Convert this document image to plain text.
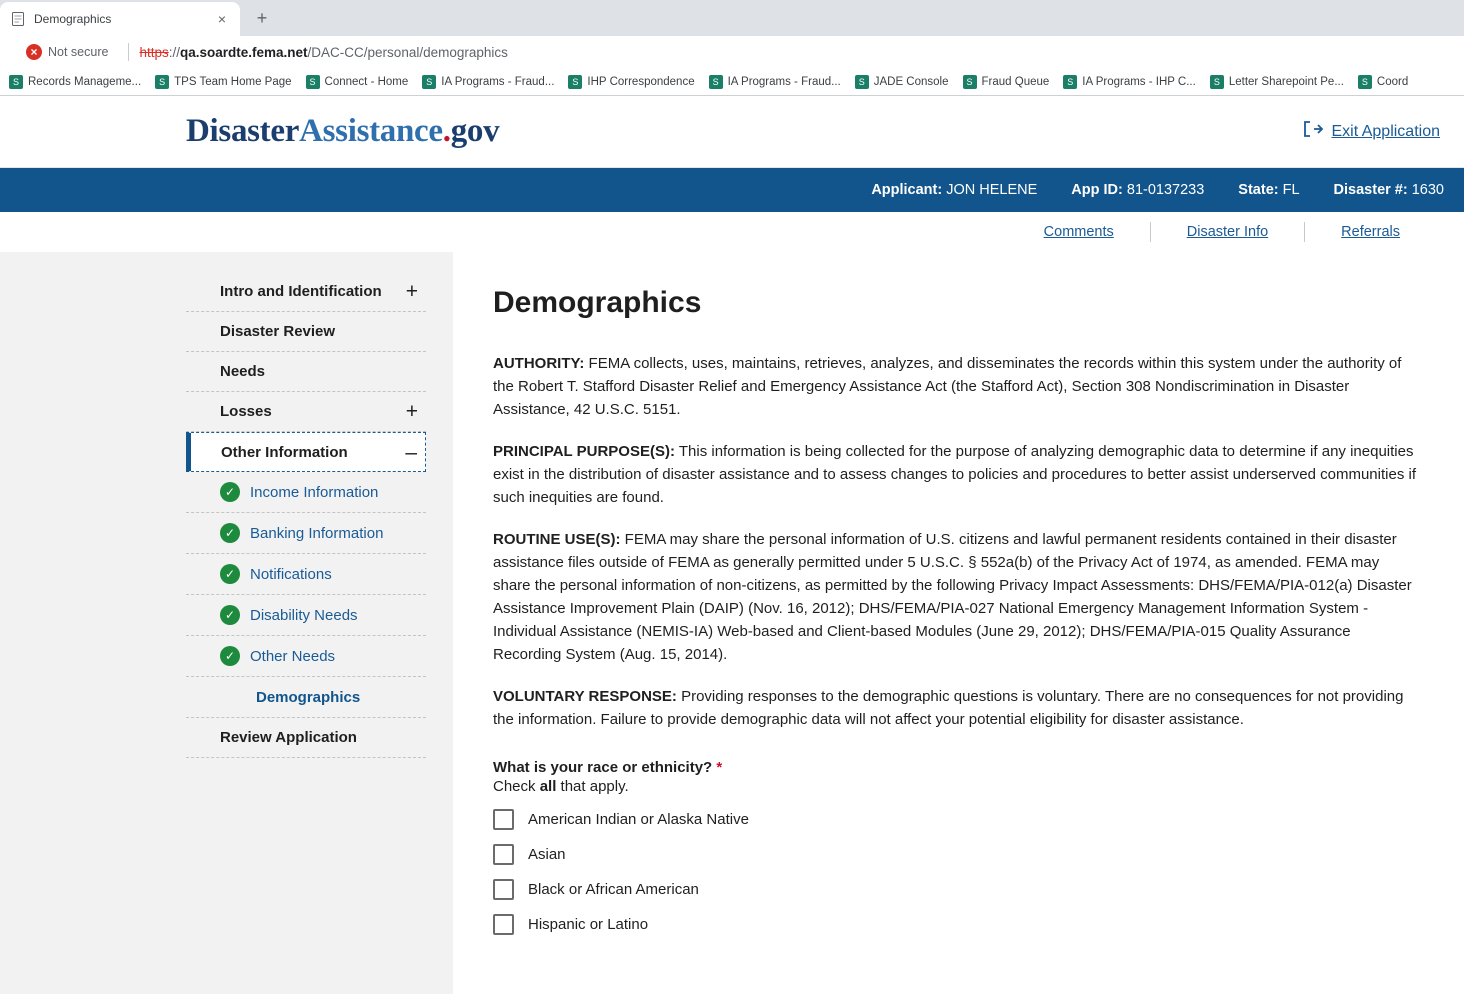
Demographics	×	+
× Not secure https://qa.soardte.fema.net/DAC-CC/personal/demographics
S Records Manageme...	S TPS Team Home Page	S Connect - Home	S IA Programs - Fraud...	S IHP Correspondence	S IA Programs - Fraud...	S JADE Console	S Fraud Queue	S IA Programs - IHP C...	S Letter Sharepoint Pe...	S Coord
DisasterAssistance.gov	Exit Application
Applicant: JON HELENE App ID: 81-0137233 State: FL Disaster #: 1630
Comments	Disaster Info	Referrals
Intro and Identification +
Disaster Review
Needs
Losses	+
Other Information	–
✓ Income Information
✓ Banking Information
✓ Notifications
✓ Disability Needs
✓ Other Needs
Demographics
Review Application
Demographics

AUTHORITY: FEMA collects, uses, maintains, retrieves, analyzes, and disseminates the records within this system under the authority of the Robert T. Stafford Disaster Relief and Emergency Assistance Act (the Stafford Act), Section 308 Nondiscrimination in Disaster Assistance, 42 U.S.C. 5151.

PRINCIPAL PURPOSE(S): This information is being collected for the purpose of analyzing demographic data to determine if any inequities exist in the distribution of disaster assistance and to assess changes to policies and procedures to better assist underserved communities if such inequities are found.

ROUTINE USE(S): FEMA may share the personal information of U.S. citizens and lawful permanent residents contained in their disaster assistance files outside of FEMA as generally permitted under 5 U.S.C. § 552a(b) of the Privacy Act of 1974, as amended. FEMA may share the personal information of non-citizens, as permitted by the following Privacy Impact Assessments: DHS/FEMA/PIA-012(a) Disaster Assistance Improvement Plain (DAIP) (Nov. 16, 2012); DHS/FEMA/PIA-027 National Emergency Management Information System - Individual Assistance (NEMIS-IA) Web-based and Client-based Modules (June 29, 2012); DHS/FEMA/PIA-015 Quality Assurance Recording System (Aug. 15, 2014).

VOLUNTARY RESPONSE: Providing responses to the demographic questions is voluntary. There are no consequences for not providing the information. Failure to provide demographic data will not affect your potential eligibility for disaster assistance.

What is your race or ethnicity? *
Check all that apply.
American Indian or Alaska Native
Asian
Black or African American
Hispanic or Latino
